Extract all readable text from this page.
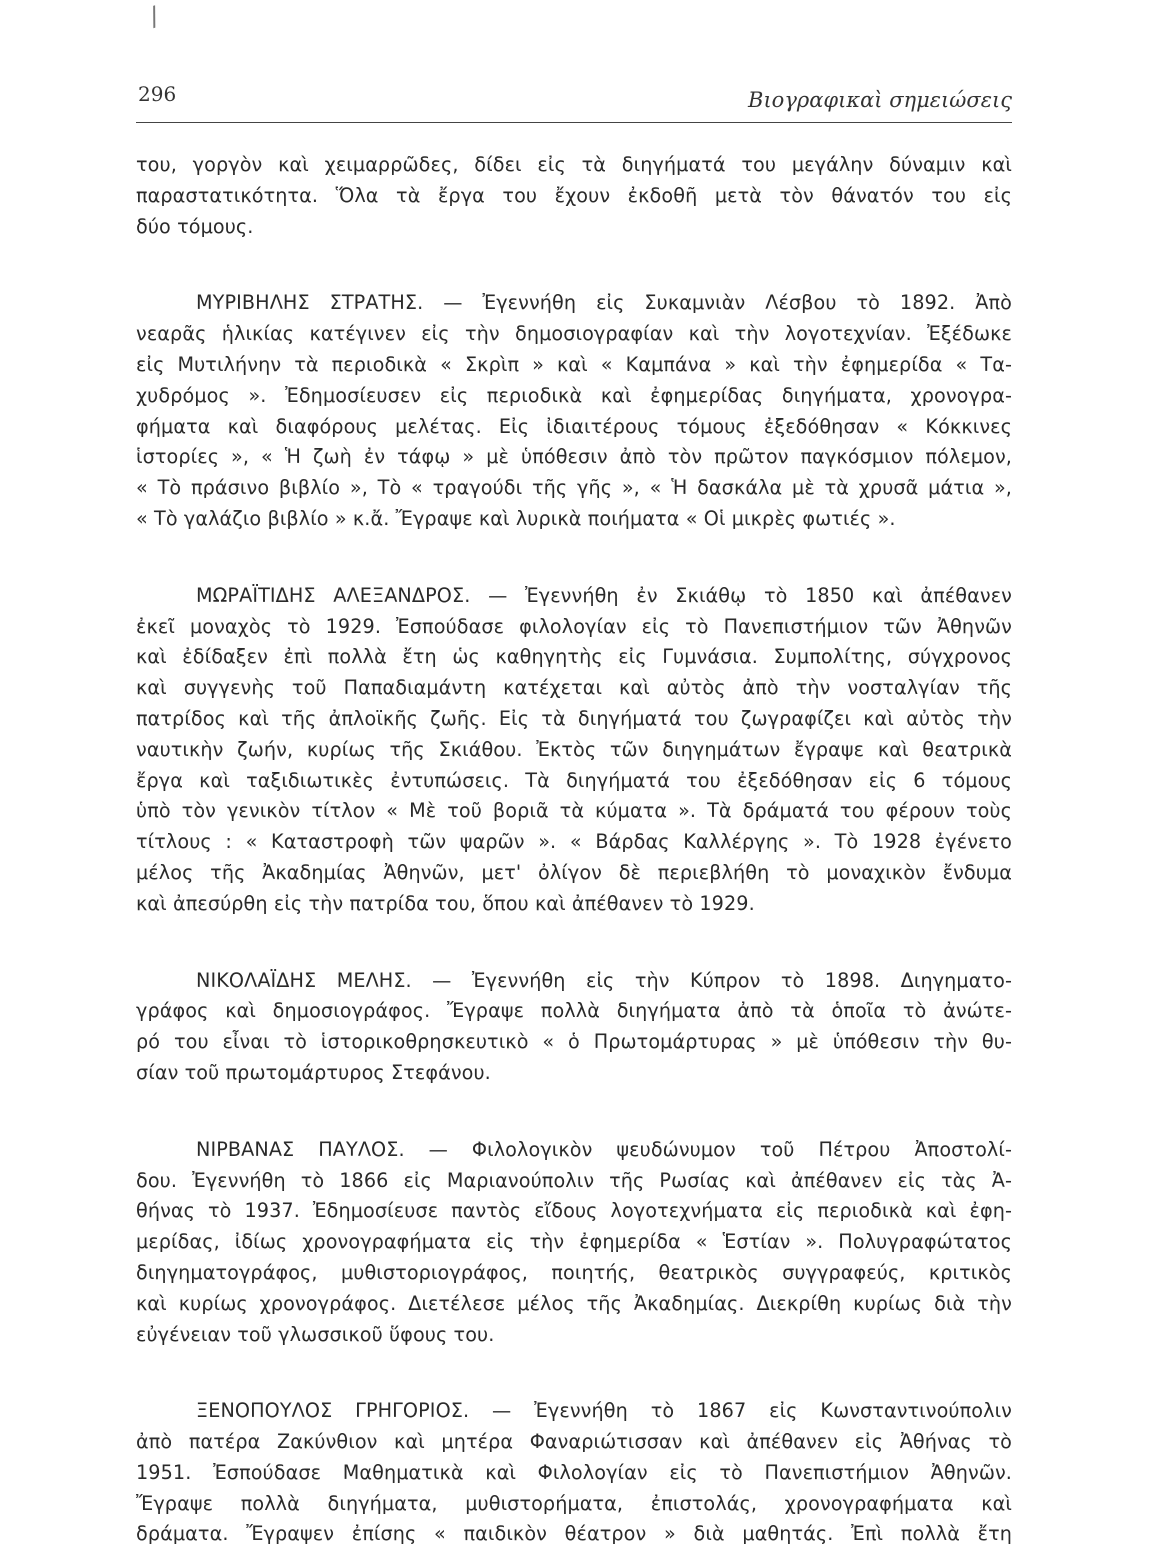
/
296	Βιογραφικαὶ σημειώσεις
του, γοργὸν καὶ χειμαρρῶδες, δίδει εἰς τὰ διηγήματά του μεγάλην δύναμιν καὶ
παραστατικότητα. Ὅλα τὰ ἔργα του ἔχουν ἐκδοθῆ μετὰ τὸν θάνατόν του εἰς
δύο τόμους.
ΜΥΡΙΒΗΛΗΣ ΣΤΡΑΤΗΣ. — Ἐγεννήθη εἰς Συκαμνιὰν Λέσβου τὸ 1892. Ἀπὸ
νεαρᾶς ἡλικίας κατέγινεν εἰς τὴν δημοσιογραφίαν καὶ τὴν λογοτεχνίαν. Ἐξέδωκε
εἰς Μυτιλήνην τὰ περιοδικὰ « Σκρὶπ » καὶ « Καμπάνα » καὶ τὴν ἐφημερίδα « Τα-
χυδρόμος ». Ἐδημοσίευσεν εἰς περιοδικὰ καὶ ἐφημερίδας διηγήματα, χρονογρα-
φήματα καὶ διαφόρους μελέτας. Εἰς ἰδιαιτέρους τόμους ἐξεδόθησαν « Κόκκινες
ἱστορίες », « Ἡ ζωὴ ἐν τάφῳ » μὲ ὑπόθεσιν ἀπὸ τὸν πρῶτον παγκόσμιον πόλεμον,
« Τὸ πράσινο βιβλίο », Τὸ « τραγούδι τῆς γῆς », « Ἡ δασκάλα μὲ τὰ χρυσᾶ μάτια »,
« Τὸ γαλάζιο βιβλίο » κ.ἄ. Ἔγραψε καὶ λυρικὰ ποιήματα « Οἱ μικρὲς φωτιές ».
ΜΩΡΑΪΤΙΔΗΣ ΑΛΕΞΑΝΔΡΟΣ. — Ἐγεννήθη ἐν Σκιάθῳ τὸ 1850 καὶ ἀπέθανεν
ἐκεῖ μοναχὸς τὸ 1929. Ἐσπούδασε φιλολογίαν εἰς τὸ Πανεπιστήμιον τῶν Ἀθηνῶν
καὶ ἐδίδαξεν ἐπὶ πολλὰ ἔτη ὡς καθηγητὴς εἰς Γυμνάσια. Συμπολίτης, σύγχρονος
καὶ συγγενὴς τοῦ Παπαδιαμάντη κατέχεται καὶ αὐτὸς ἀπὸ τὴν νοσταλγίαν τῆς
πατρίδος καὶ τῆς ἀπλοϊκῆς ζωῆς. Εἰς τὰ διηγήματά του ζωγραφίζει καὶ αὐτὸς τὴν
ναυτικὴν ζωήν, κυρίως τῆς Σκιάθου. Ἐκτὸς τῶν διηγημάτων ἔγραψε καὶ θεατρικὰ
ἔργα καὶ ταξιδιωτικὲς ἐντυπώσεις. Τὰ διηγήματά του ἐξεδόθησαν εἰς 6 τόμους
ὑπὸ τὸν γενικὸν τίτλον « Μὲ τοῦ βοριᾶ τὰ κύματα ». Τὰ δράματά του φέρουν τοὺς
τίτλους : « Καταστροφὴ τῶν ψαρῶν ». « Βάρδας Καλλέργης ». Τὸ 1928 ἐγένετο
μέλος τῆς Ἀκαδημίας Ἀθηνῶν, μετ' ὀλίγον δὲ περιεβλήθη τὸ μοναχικὸν ἔνδυμα
καὶ ἀπεσύρθη εἰς τὴν πατρίδα του, ὅπου καὶ ἀπέθανεν τὸ 1929.
ΝΙΚΟΛΑΪΔΗΣ ΜΕΛΗΣ. — Ἐγεννήθη εἰς τὴν Κύπρον τὸ 1898. Διηγηματο-
γράφος καὶ δημοσιογράφος. Ἔγραψε πολλὰ διηγήματα ἀπὸ τὰ ὁποῖα τὸ ἀνώτε-
ρό του εἶναι τὸ ἱστορικοθρησκευτικὸ « ὁ Πρωτομάρτυρας » μὲ ὑπόθεσιν τὴν θυ-
σίαν τοῦ πρωτομάρτυρος Στεφάνου.
ΝΙΡΒΑΝΑΣ ΠΑΥΛΟΣ. — Φιλολογικὸν ψευδώνυμον τοῦ Πέτρου Ἀποστολί-
δου. Ἐγεννήθη τὸ 1866 εἰς Μαριανούπολιν τῆς Ρωσίας καὶ ἀπέθανεν εἰς τὰς Ἀ-
θήνας τὸ 1937. Ἐδημοσίευσε παντὸς εἴδους λογοτεχνήματα εἰς περιοδικὰ καὶ ἐφη-
μερίδας, ἰδίως χρονογραφήματα εἰς τὴν ἐφημερίδα « Ἑστίαν ». Πολυγραφώτατος
διηγηματογράφος, μυθιστοριογράφος, ποιητής, θεατρικὸς συγγραφεύς, κριτικὸς
καὶ κυρίως χρονογράφος. Διετέλεσε μέλος τῆς Ἀκαδημίας. Διεκρίθη κυρίως διὰ τὴν
εὐγένειαν τοῦ γλωσσικοῦ ὕφους του.
ΞΕΝΟΠΟΥΛΟΣ ΓΡΗΓΟΡΙΟΣ. — Ἐγεννήθη τὸ 1867 εἰς Κωνσταντινούπολιν
ἀπὸ πατέρα Ζακύνθιον καὶ μητέρα Φαναριώτισσαν καὶ ἀπέθανεν εἰς Ἀθήνας τὸ
1951. Ἐσπούδασε Μαθηματικὰ καὶ Φιλολογίαν εἰς τὸ Πανεπιστήμιον Ἀθηνῶν.
Ἔγραψε πολλὰ διηγήματα, μυθιστορήματα, ἐπιστολάς, χρονογραφήματα καὶ
δράματα. Ἔγραψεν ἐπίσης « παιδικὸν θέατρον » διὰ μαθητάς. Ἐπὶ πολλὰ ἔτη
